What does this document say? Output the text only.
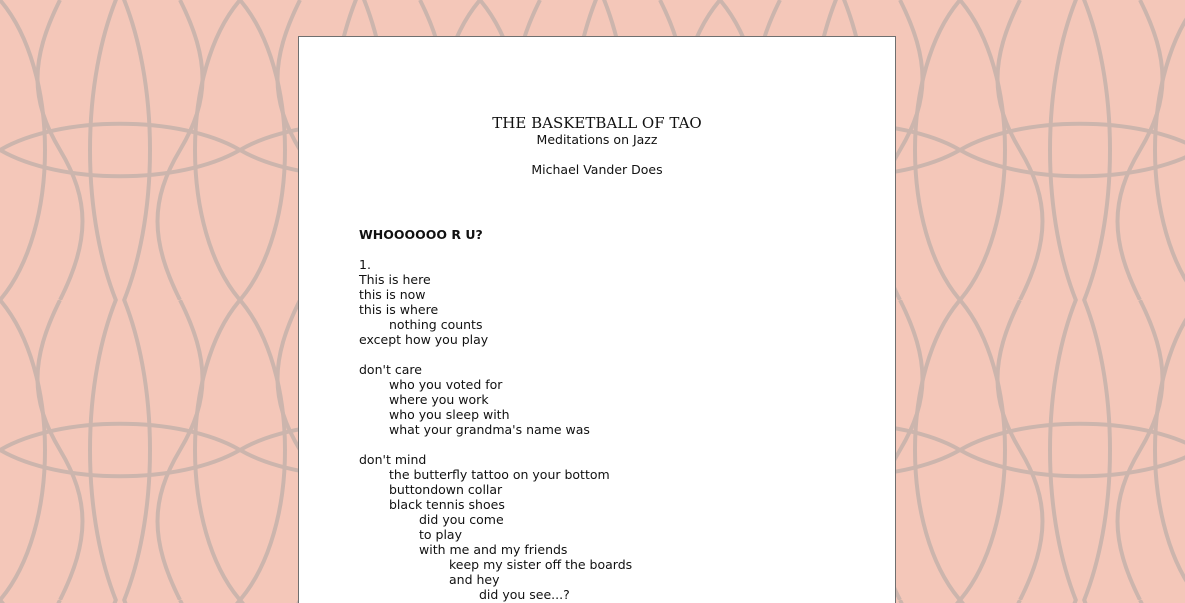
THE BASKETBALL OF TAO
Meditations on Jazz
Michael Vander Does
WHOOOOOO R U?
1.
This is here
this is now
this is where
nothing counts
except how you play
don't care
who you voted for
where you work
who you sleep with
what your grandma's name was
don't mind
the butterfly tattoo on your bottom
buttondown collar
black tennis shoes
did you come
to play
with me and my friends
keep my sister off the boards
and hey
did you see...?
